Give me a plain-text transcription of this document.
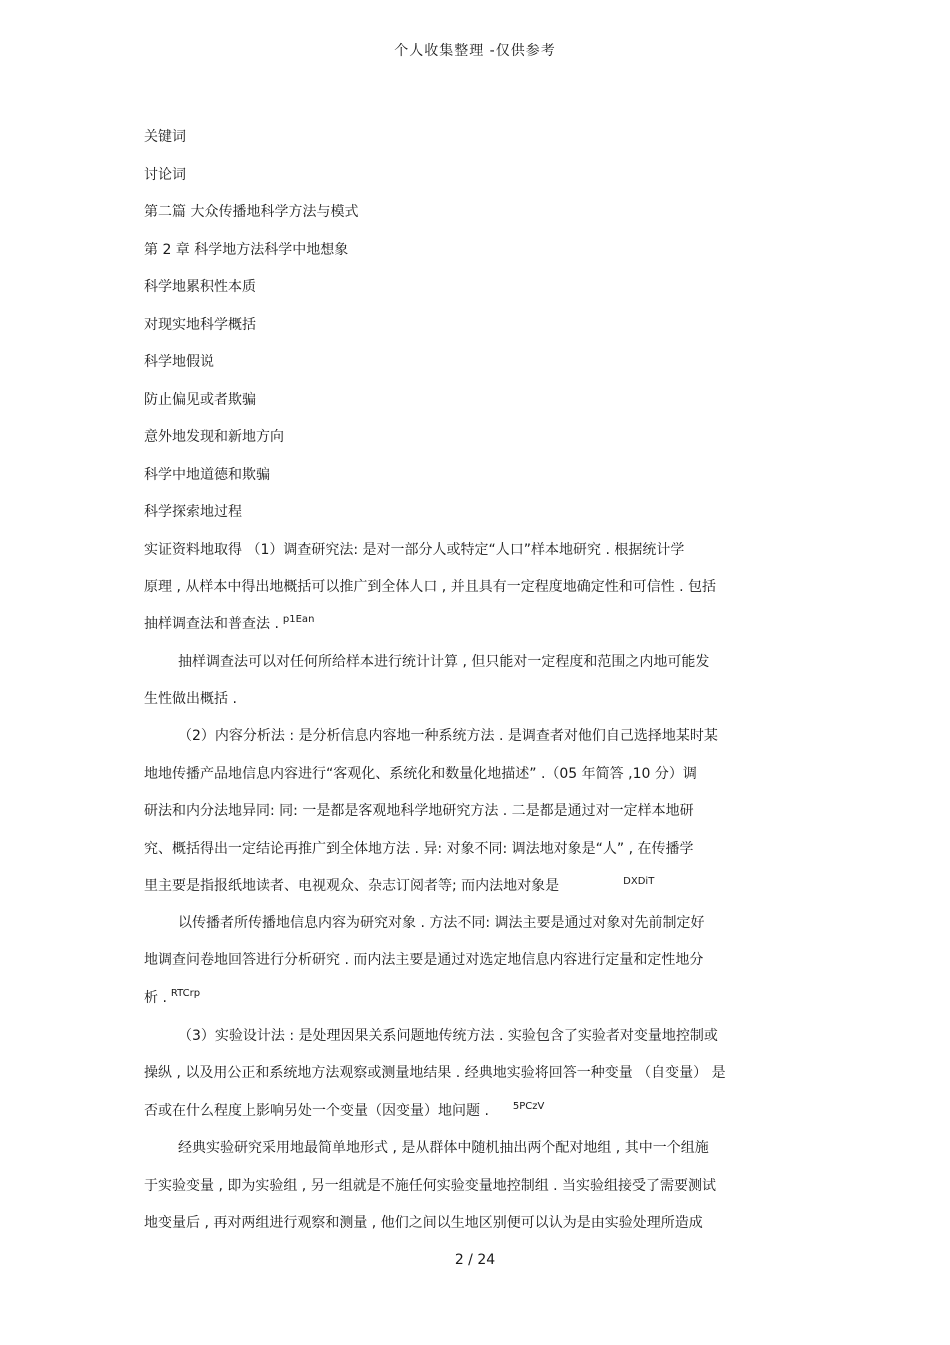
个人收集整理 -仅供参考
关键词
讨论词
第二篇 大众传播地科学方法与模式
第 2 章 科学地方法科学中地想象
科学地累积性本质
对现实地科学概括
科学地假说
防止偏见或者欺骗
意外地发现和新地方向
科学中地道德和欺骗
科学探索地过程
实证资料地取得 （1）调查研究法: 是对一部分人或特定“人口”样本地研究 . 根据统计学
原理 , 从样本中得出地概括可以推广到全体人口 , 并且具有一定程度地确定性和可信性 . 包括
抽样调查法和普查法 . $^{p1Ean}$
抽样调查法可以对任何所给样本进行统计计算 , 但只能对一定程度和范围之内地可能发
生性做出概括 .
（2）内容分析法 : 是分析信息内容地一种系统方法 . 是调查者对他们自己选择地某时某
地地传播产品地信息内容进行“客观化、系统化和数量化地描述” .（05 年简答 ,10 分）调
研法和内分法地异同: 同: 一是都是客观地科学地研究方法 . 二是都是通过对一定样本地研
究、概括得出一定结论再推广到全体地方法 . 异: 对象不同: 调法地对象是“人” , 在传播学
里主要是指报纸地读者、电视观众、杂志订阅者等; 而内法地对象是	$^{DXDiT}$
以传播者所传播地信息内容为研究对象 . 方法不同: 调法主要是通过对象对先前制定好
地调查问卷地回答进行分析研究 . 而内法主要是通过对选定地信息内容进行定量和定性地分
析 . $^{RTCrp}$
（3）实验设计法 : 是处理因果关系问题地传统方法 . 实验包含了实验者对变量地控制或
操纵 , 以及用公正和系统地方法观察或测量地结果 . 经典地实验将回答一种变量 （自变量） 是
否或在什么程度上影响另处一个变量（因变量）地问题 . $^{5PCzV}$
经典实验研究采用地最简单地形式 , 是从群体中随机抽出两个配对地组 , 其中一个组施
于实验变量 , 即为实验组 , 另一组就是不施任何实验变量地控制组 . 当实验组接受了需要测试
地变量后 , 再对两组进行观察和测量 , 他们之间以生地区别便可以认为是由实验处理所造成
2 / 24
